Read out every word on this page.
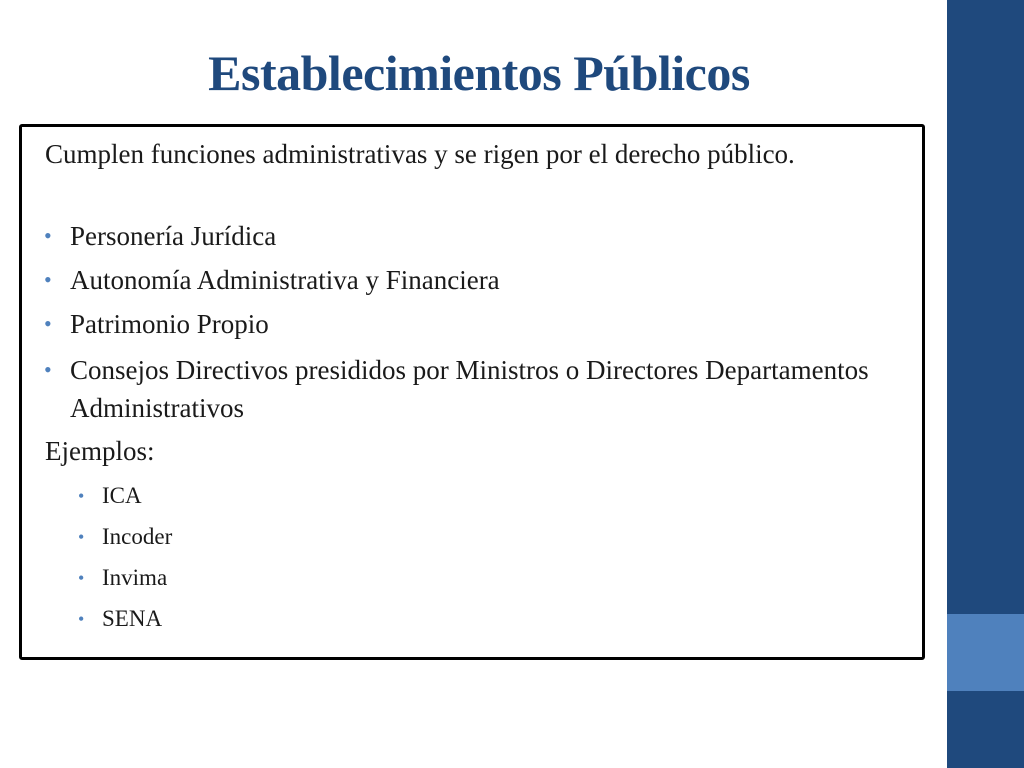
Establecimientos Públicos
Cumplen funciones administrativas y se rigen por el derecho público.
• Personería Jurídica
• Autonomía Administrativa y Financiera
• Patrimonio Propio
• Consejos Directivos presididos por Ministros o Directores Departamentos Administrativos
Ejemplos:
• ICA
• Incoder
• Invima
• SENA
